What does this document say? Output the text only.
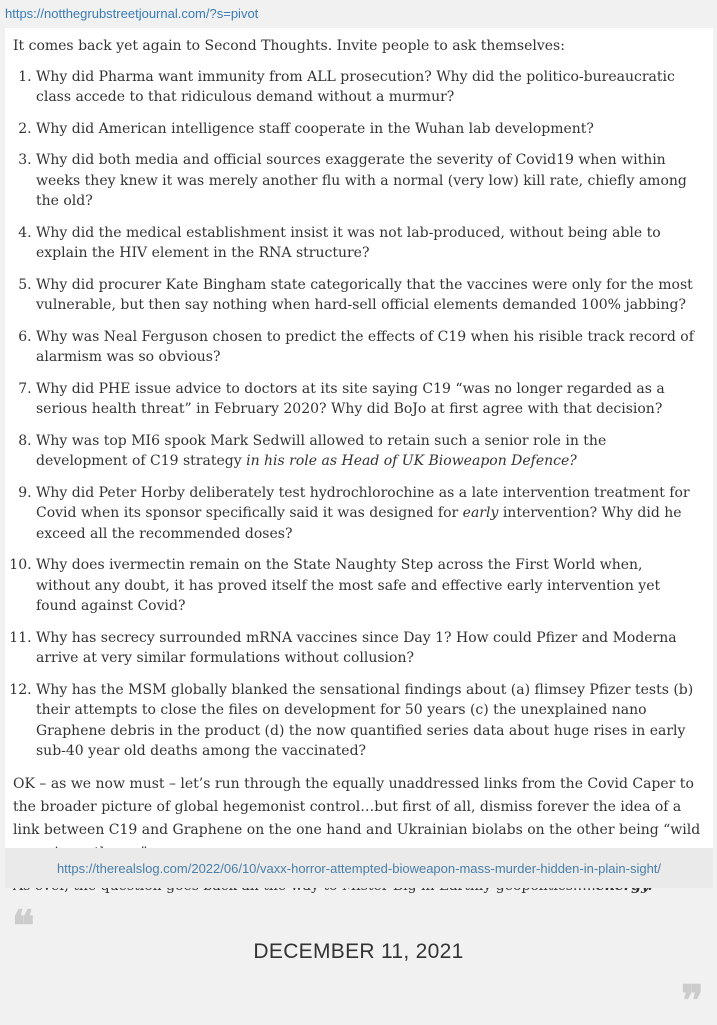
https://notthegrubstreetjournal.com/?s=pivot

It comes back yet again to Second Thoughts. Invite people to ask themselves:

1. Why did Pharma want immunity from ALL prosecution? Why did the politico-bureaucratic class accede to that ridiculous demand without a murmur?
2. Why did American intelligence staff cooperate in the Wuhan lab development?
3. Why did both media and official sources exaggerate the severity of Covid19 when within weeks they knew it was merely another flu with a normal (very low) kill rate, chiefly among the old?
4. Why did the medical establishment insist it was not lab-produced, without being able to explain the HIV element in the RNA structure?
5. Why did procurer Kate Bingham state categorically that the vaccines were only for the most vulnerable, but then say nothing when hard-sell official elements demanded 100% jabbing?
6. Why was Neal Ferguson chosen to predict the effects of C19 when his risible track record of alarmism was so obvious?
7. Why did PHE issue advice to doctors at its site saying C19 “was no longer regarded as a serious health threat” in February 2020? Why did BoJo at first agree with that decision?
8. Why was top MI6 spook Mark Sedwill allowed to retain such a senior role in the development of C19 strategy in his role as Head of UK Bioweapon Defence?
9. Why did Peter Horby deliberately test hydrochlorochine as a late intervention treatment for Covid when its sponsor specifically said it was designed for early intervention? Why did he exceed all the recommended doses?
10. Why does ivermectin remain on the State Naughty Step across the First World when, without any doubt, it has proved itself the most safe and effective early intervention yet found against Covid?
11. Why has secrecy surrounded mRNA vaccines since Day 1? How could Pfizer and Moderna arrive at very similar formulations without collusion?
12. Why has the MSM globally blanked the sensational findings about (a) flimsey Pfizer tests (b) their attempts to close the files on development for 50 years (c) the unexplained nano Graphene debris in the product (d) the now quantified series data about huge rises in early sub-40 year old deaths among the vaccinated?

OK – as we now must – let’s run through the equally unaddressed links from the Covid Caper to the broader picture of global hegemonist control…but first of all, dismiss forever the idea of a link between C19 and Graphene on the one hand and Ukrainian biolabs on the other being “wild

https://therealslog.com/2022/06/10/vaxx-horror-attempted-bioweapon-mass-murder-hidden-in-plain-sight/
❝
DECEMBER 11, 2021
❞
